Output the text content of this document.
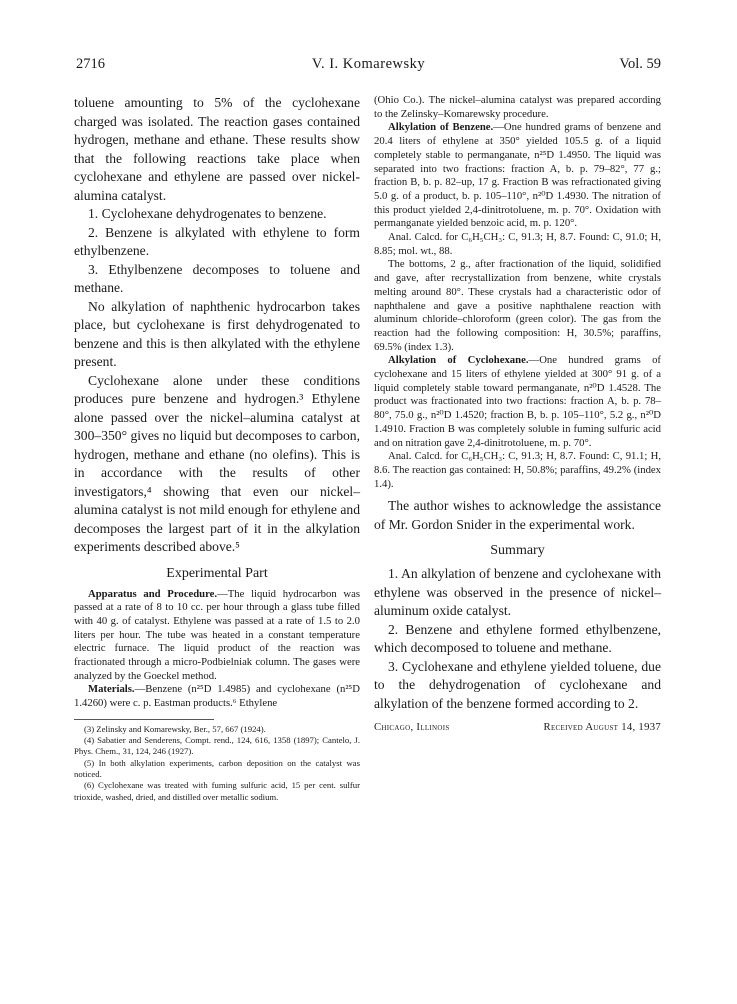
2716	V. I. Komarewsky	Vol. 59

toluene amounting to 5% of the cyclohexane charged was isolated. The reaction gases contained hydrogen, methane and ethane. These results show that the following reactions take place when cyclohexane and ethylene are passed over nickel-alumina catalyst.

1. Cyclohexane dehydrogenates to benzene.

2. Benzene is alkylated with ethylene to form ethylbenzene.

3. Ethylbenzene decomposes to toluene and methane.

No alkylation of naphthenic hydrocarbon takes place, but cyclohexane is first dehydrogenated to benzene and this is then alkylated with the ethylene present.

Cyclohexane alone under these conditions produces pure benzene and hydrogen.³ Ethylene alone passed over the nickel–alumina catalyst at 300–350° gives no liquid but decomposes to carbon, hydrogen, methane and ethane (no olefins). This is in accordance with the results of other investigators,⁴ showing that even our nickel–alumina catalyst is not mild enough for ethylene and decomposes the largest part of it in the alkylation experiments described above.⁵

Experimental Part

Apparatus and Procedure.—The liquid hydrocarbon was passed at a rate of 8 to 10 cc. per hour through a glass tube filled with 40 g. of catalyst. Ethylene was passed at a rate of 1.5 to 2.0 liters per hour. The tube was heated in a constant temperature electric furnace. The liquid product of the reaction was fractionated through a micro-Podbielniak column. The gases were analyzed by the Goeckel method.

Materials.—Benzene (n²⁵D 1.4985) and cyclohexane (n²⁵D 1.4260) were c. p. Eastman products.⁶ Ethylene

(3) Zelinsky and Komarewsky, Ber., 57, 667 (1924).

(4) Sabatier and Senderens, Compt. rend., 124, 616, 1358 (1897); Cantelo, J. Phys. Chem., 31, 124, 246 (1927).

(5) In both alkylation experiments, carbon deposition on the catalyst was noticed.

(6) Cyclohexane was treated with fuming sulfuric acid, 15 per cent. sulfur trioxide, washed, dried, and distilled over metallic sodium.

(Ohio Co.). The nickel–alumina catalyst was prepared according to the Zelinsky–Komarewsky procedure.

Alkylation of Benzene.—One hundred grams of benzene and 20.4 liters of ethylene at 350° yielded 105.5 g. of a liquid completely stable to permanganate, n²⁵D 1.4950. The liquid was separated into two fractions: fraction A, b. p. 79–82°, 77 g.; fraction B, b. p. 82–up, 17 g. Fraction B was refractionated giving 5.0 g. of a product, b. p. 105–110°, n²⁰D 1.4930. The nitration of this product yielded 2,4-dinitrotoluene, m. p. 70°. Oxidation with permanganate yielded benzoic acid, m. p. 120°.

Anal. Calcd. for C₆H₅CH₃: C, 91.3; H, 8.7. Found: C, 91.0; H, 8.85; mol. wt., 88.

The bottoms, 2 g., after fractionation of the liquid, solidified and gave, after recrystallization from benzene, white crystals melting around 80°. These crystals had a characteristic odor of naphthalene and gave a positive naphthalene reaction with aluminum chloride–chloroform (green color). The gas from the reaction had the following composition: H, 30.5%; paraffins, 69.5% (index 1.3).

Alkylation of Cyclohexane.—One hundred grams of cyclohexane and 15 liters of ethylene yielded at 300° 91 g. of a liquid completely stable toward permanganate, n²⁰D 1.4528. The product was fractionated into two fractions: fraction A, b. p. 78–80°, 75.0 g., n²⁰D 1.4520; fraction B, b. p. 105–110°, 5.2 g., n²⁰D 1.4910. Fraction B was completely soluble in fuming sulfuric acid and on nitration gave 2,4-dinitrotoluene, m. p. 70°.

Anal. Calcd. for C₆H₅CH₃: C, 91.3; H, 8.7. Found: C, 91.1; H, 8.6. The reaction gas contained: H, 50.8%; paraffins, 49.2% (index 1.4).

The author wishes to acknowledge the assistance of Mr. Gordon Snider in the experimental work.

Summary

1. An alkylation of benzene and cyclohexane with ethylene was observed in the presence of nickel–aluminum oxide catalyst.

2. Benzene and ethylene formed ethylbenzene, which decomposed to toluene and methane.

3. Cyclohexane and ethylene yielded toluene, due to the dehydrogenation of cyclohexane and alkylation of the benzene formed according to 2.

Chicago, Illinois	Received August 14, 1937
